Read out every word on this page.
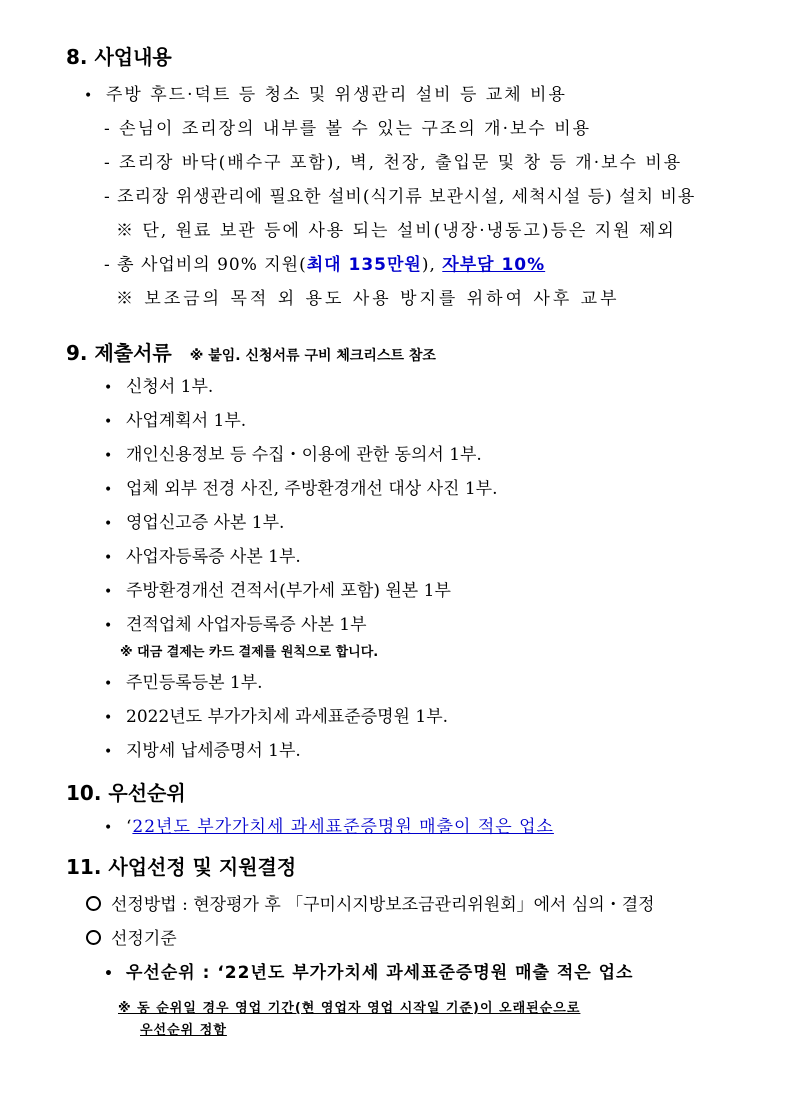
8. 사업내용
• 주방 후드·덕트 등 청소 및 위생관리 설비 등 교체 비용
- 손님이 조리장의 내부를 볼 수 있는 구조의 개·보수 비용
- 조리장 바닥(배수구 포함), 벽, 천장, 출입문 및 창 등 개·보수 비용
- 조리장 위생관리에 필요한 설비(식기류 보관시설, 세척시설 등) 설치 비용
※ 단, 원료 보관 등에 사용 되는 설비(냉장·냉동고)등은 지원 제외
- 총 사업비의 90% 지원(최대 135만원), 자부담 10%
※ 보조금의 목적 외 용도 사용 방지를 위하여 사후 교부
9. 제출서류 ※ 붙임. 신청서류 구비 체크리스트 참조
• 신청서 1부.
• 사업계획서 1부.
• 개인신용정보 등 수집・이용에 관한 동의서 1부.
• 업체 외부 전경 사진, 주방환경개선 대상 사진 1부.
• 영업신고증 사본 1부.
• 사업자등록증 사본 1부.
• 주방환경개선 견적서(부가세 포함) 원본 1부
• 견적업체 사업자등록증 사본 1부
※ 대금 결제는 카드 결제를 원칙으로 합니다.
• 주민등록등본 1부.
• 2022년도 부가가치세 과세표준증명원 1부.
• 지방세 납세증명서 1부.
10. 우선순위
• ‘22년도 부가가치세 과세표준증명원 매출이 적은 업소
11. 사업선정 및 지원결정
선정방법 : 현장평가 후 「구미시지방보조금관리위원회」에서 심의・결정
선정기준
• 우선순위 : ‘22년도 부가가치세 과세표준증명원 매출 적은 업소
※ 동 순위일 경우 영업 기간(현 영업자 영업 시작일 기준)이 오래된순으로
우선순위 정함
